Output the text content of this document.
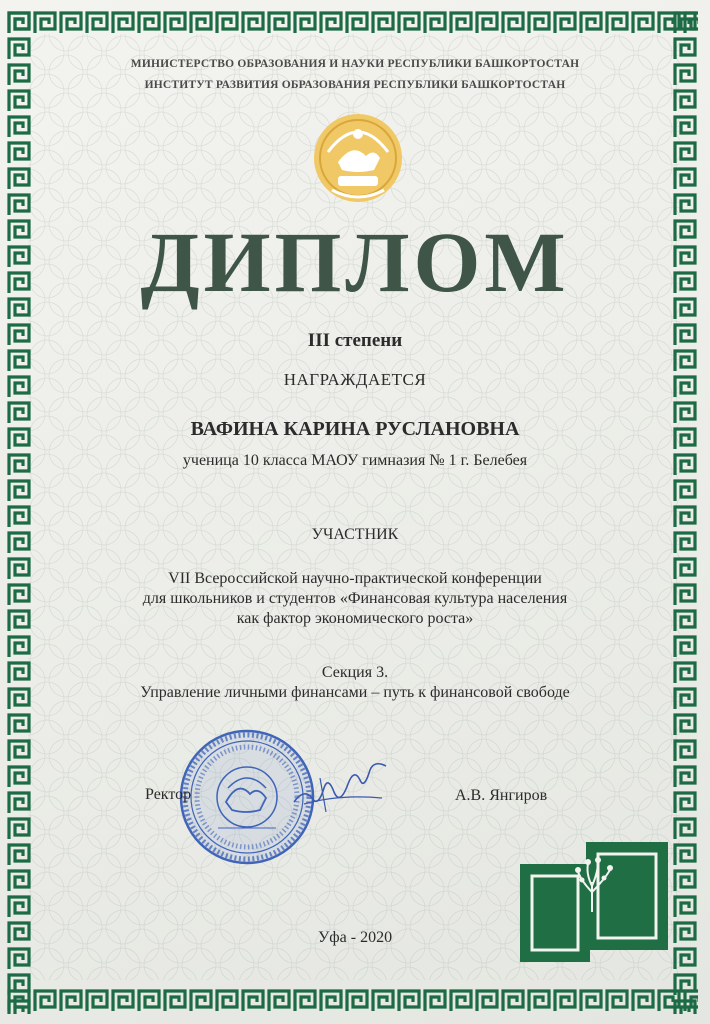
МИНИСТЕРСТВО ОБРАЗОВАНИЯ И НАУКИ РЕСПУБЛИКИ БАШКОРТОСТАН
ИНСТИТУТ РАЗВИТИЯ ОБРАЗОВАНИЯ РЕСПУБЛИКИ БАШКОРТОСТАН
ДИПЛОМ
III степени
НАГРАЖДАЕТСЯ
ВАФИНА КАРИНА РУСЛАНОВНА
ученица 10 класса МАОУ гимназия № 1 г. Белебея
УЧАСТНИК
VII Всероссийской научно-практической конференции
для школьников и студентов «Финансовая культура населения
как фактор экономического роста»
Секция 3.
Управление личными финансами – путь к финансовой свободе
Ректор	А.В. Янгиров
Уфа - 2020
